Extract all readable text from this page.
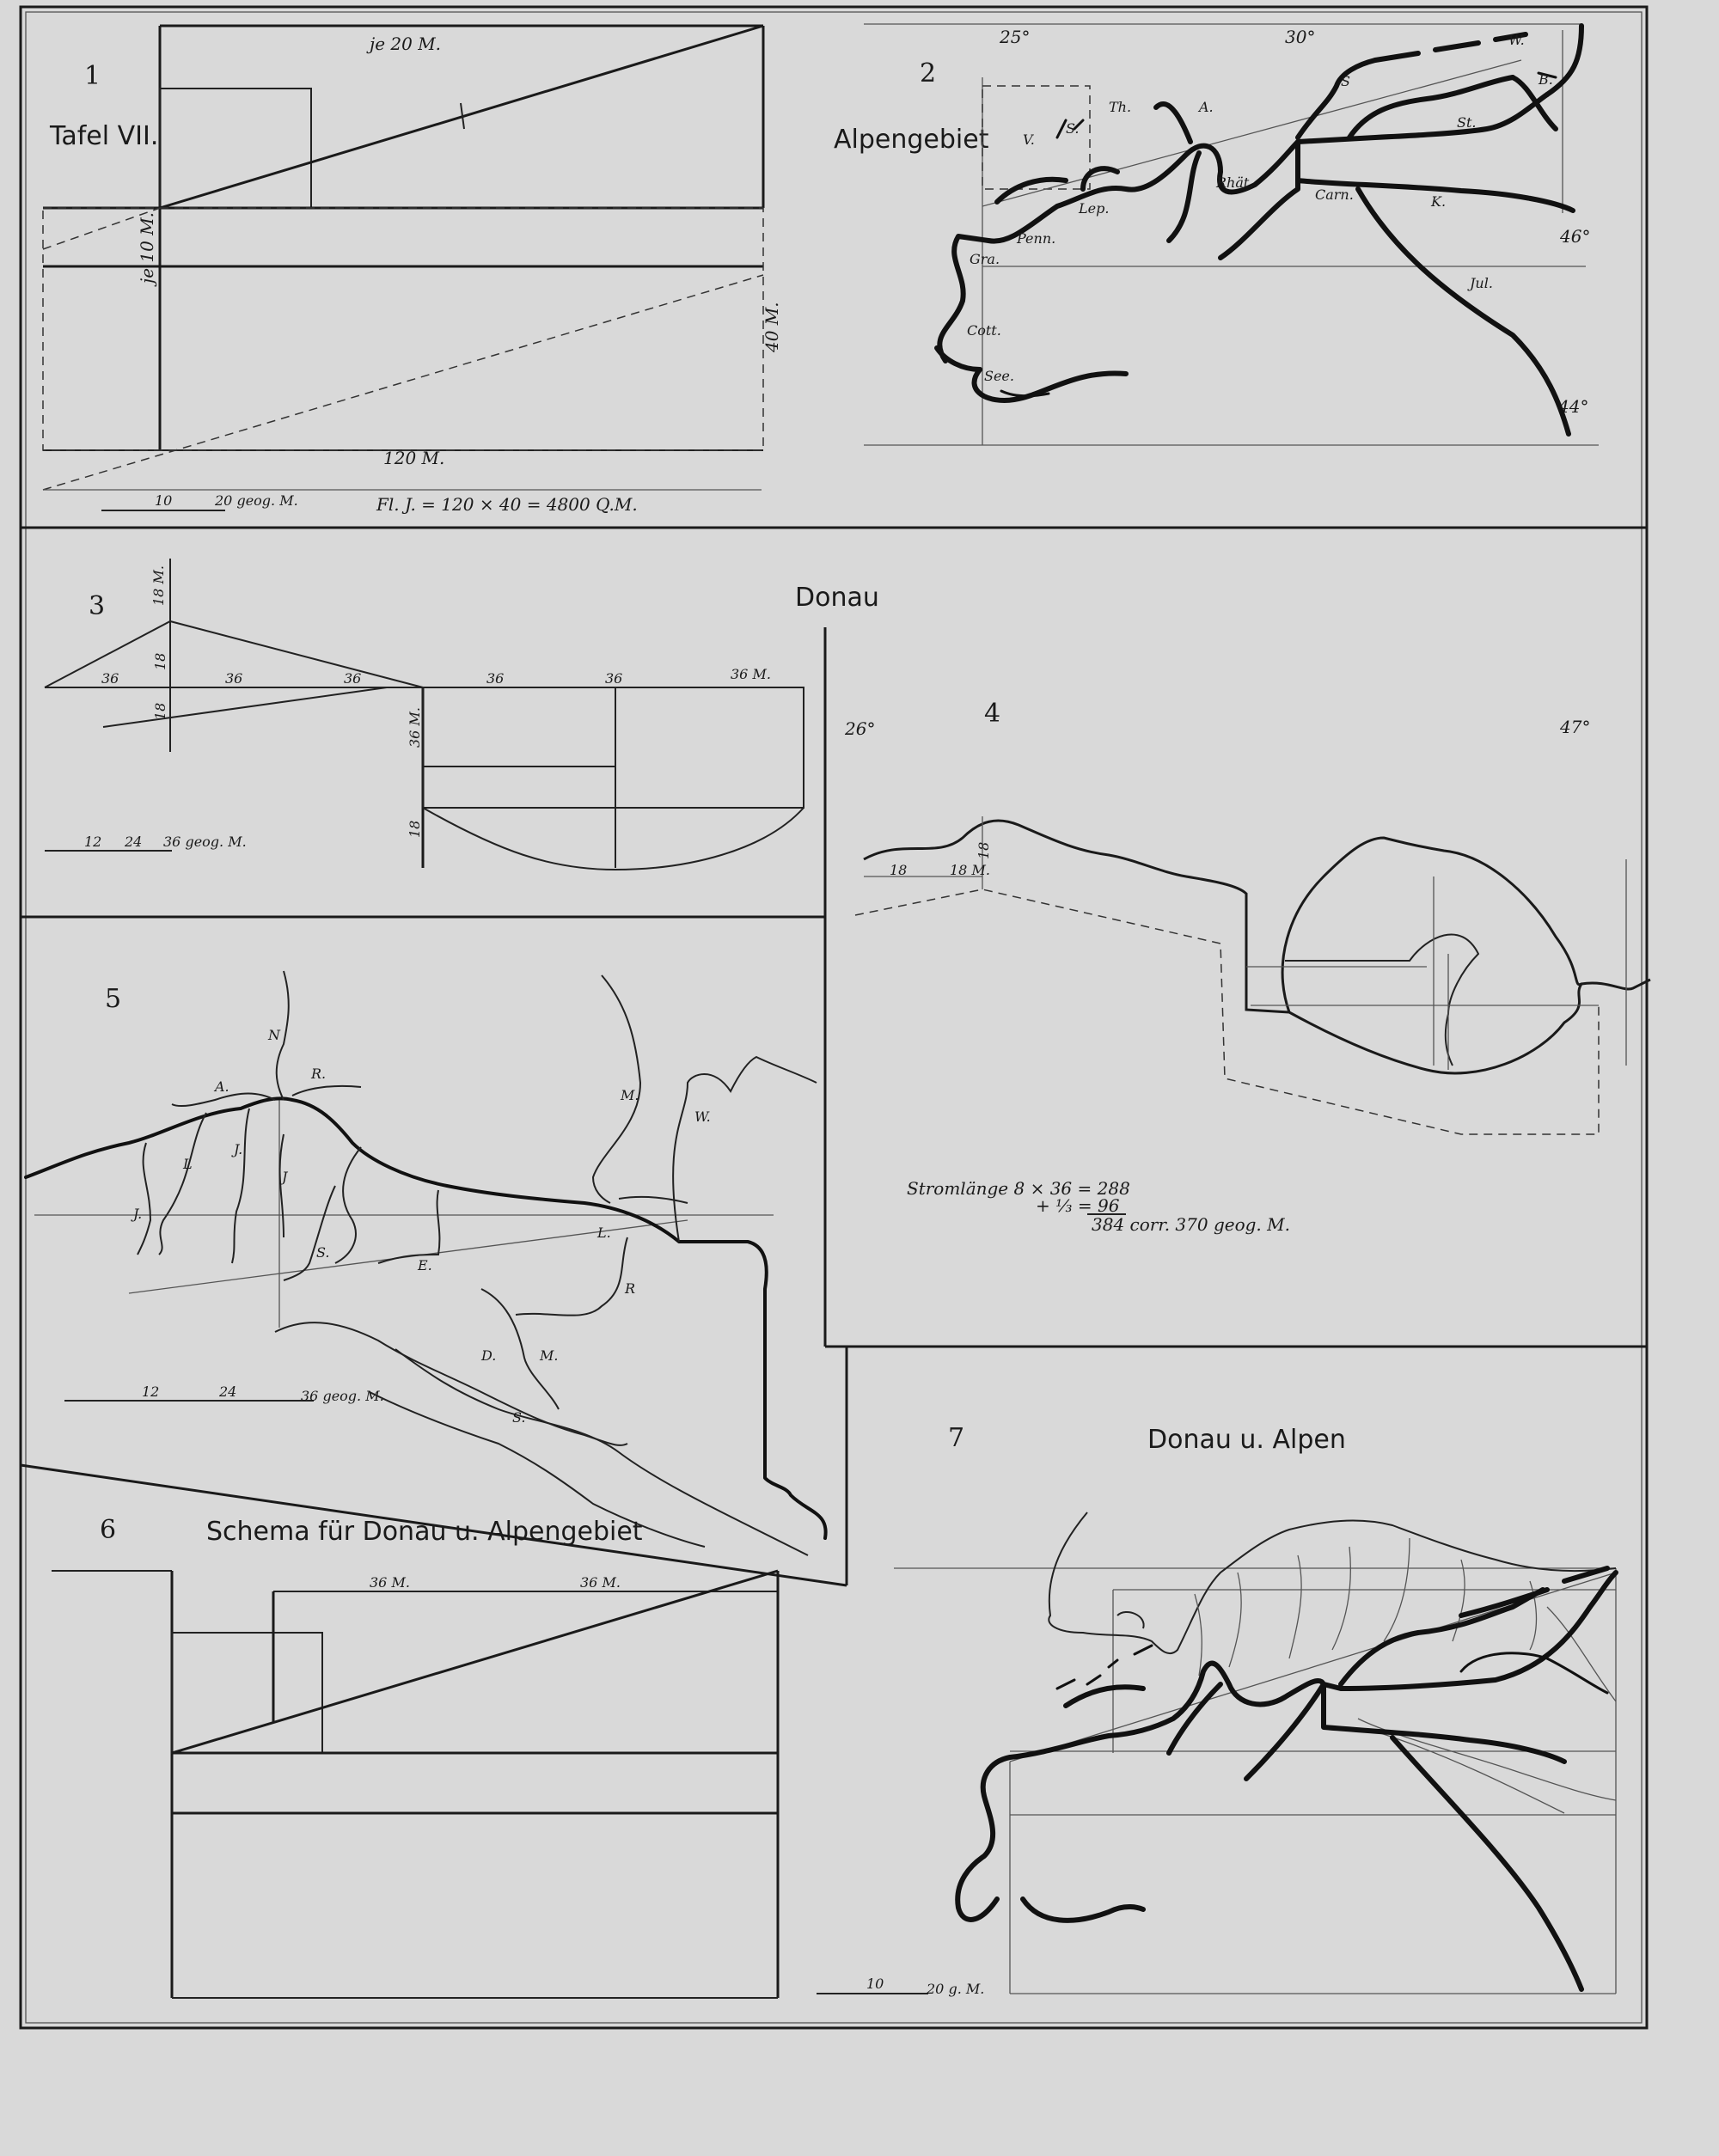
1
Tafel VII.
je 20 M.
je 10 M.
40 M.
120 M.
10	20 geog. M.	Fl. J. = 120 × 40 = 4800 Q.M.
2
Alpengebiet
25°	30°
46°
44°
W.
B.
S
St.
Th.	A.
V.
S.
Rhät.
Carn.	K.
Lep.
Penn.
Gra.
Jul.
Cott.
See.
3	Donau
18 M.
36	36	36	36	36	36 M.
18
18	36 M.
18
12 24 36 geog. M.
4
26°	47°
18	18 M.
18
Stromlänge 8 × 36 = 288
+ ⅓ = 96
384 corr. 370 geog. M.
5
N
R.
A.
L
J.
J
J.
S.
E.
M.
W.
L.
R
D.	M.
S.
12	24	36 geog. M.
6	Schema für Donau u. Alpengebiet
36 M.	36 M.
7	Donau u. Alpen
10	20 g. M.
